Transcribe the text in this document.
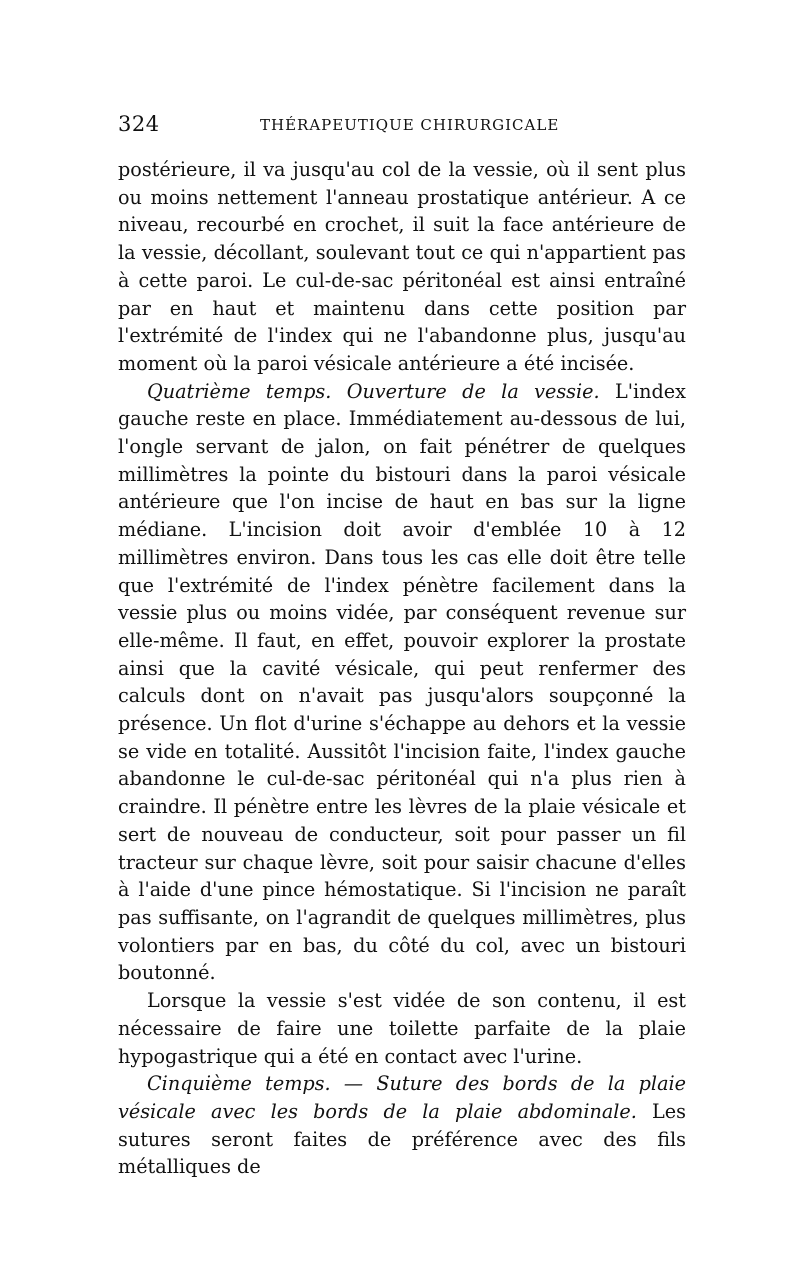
324	THÉRAPEUTIQUE CHIRURGICALE

postérieure, il va jusqu'au col de la vessie, où il sent plus ou moins nettement l'anneau prostatique antérieur. A ce niveau, recourbé en crochet, il suit la face antérieure de la vessie, décollant, soulevant tout ce qui n'appartient pas à cette paroi. Le cul-de-sac péritonéal est ainsi entraîné par en haut et maintenu dans cette position par l'extrémité de l'index qui ne l'abandonne plus, jusqu'au moment où la paroi vésicale antérieure a été incisée.

Quatrième temps. Ouverture de la vessie. L'index gauche reste en place. Immédiatement au-dessous de lui, l'ongle servant de jalon, on fait pénétrer de quelques millimètres la pointe du bistouri dans la paroi vésicale antérieure que l'on incise de haut en bas sur la ligne médiane. L'incision doit avoir d'emblée 10 à 12 millimètres environ. Dans tous les cas elle doit être telle que l'extrémité de l'index pénètre facilement dans la vessie plus ou moins vidée, par conséquent revenue sur elle-même. Il faut, en effet, pouvoir explorer la prostate ainsi que la cavité vésicale, qui peut renfermer des calculs dont on n'avait pas jusqu'alors soupçonné la présence. Un flot d'urine s'échappe au dehors et la vessie se vide en totalité. Aussitôt l'incision faite, l'index gauche abandonne le cul-de-sac péritonéal qui n'a plus rien à craindre. Il pénètre entre les lèvres de la plaie vésicale et sert de nouveau de conducteur, soit pour passer un fil tracteur sur chaque lèvre, soit pour saisir chacune d'elles à l'aide d'une pince hémostatique. Si l'incision ne paraît pas suffisante, on l'agrandit de quelques millimètres, plus volontiers par en bas, du côté du col, avec un bistouri boutonné.

Lorsque la vessie s'est vidée de son contenu, il est nécessaire de faire une toilette parfaite de la plaie hypogastrique qui a été en contact avec l'urine.

Cinquième temps. — Suture des bords de la plaie vésicale avec les bords de la plaie abdominale. Les sutures seront faites de préférence avec des fils métalliques de
